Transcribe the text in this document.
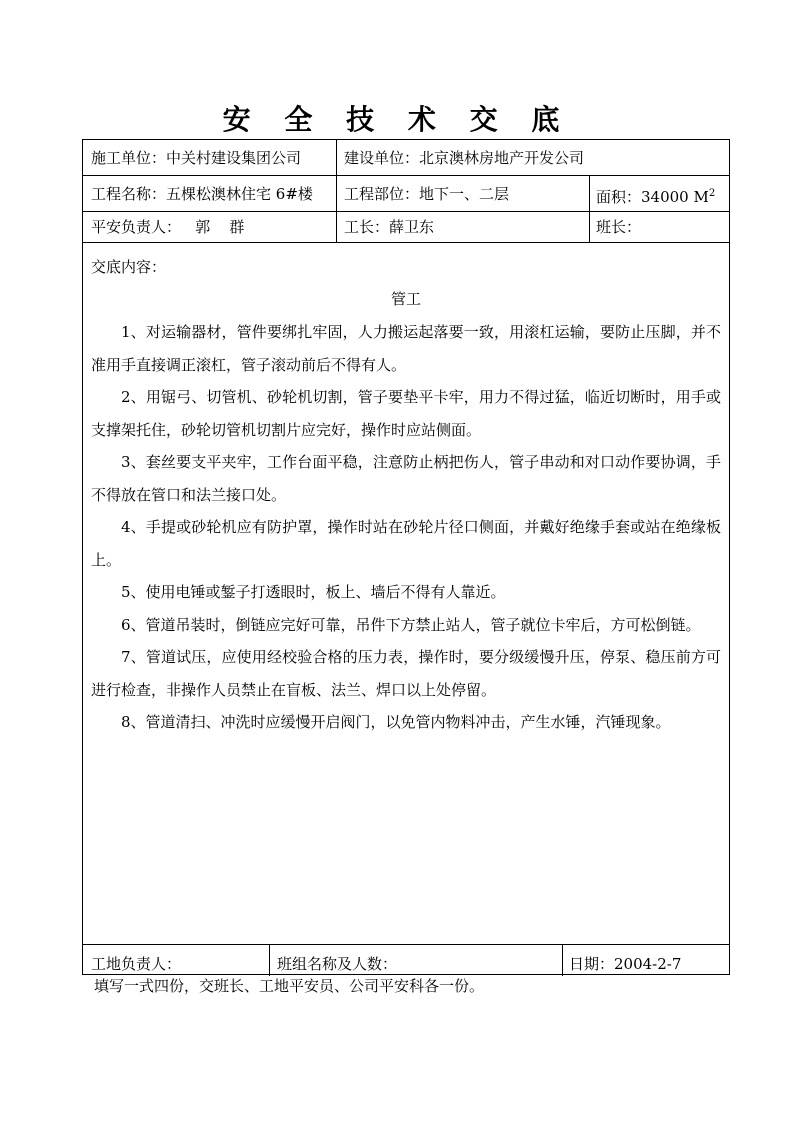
安 全 技 术 交 底
施工单位：中关村建设集团公司	建设单位：北京澳林房地产开发公司
工程名称：五棵松澳林住宅 6#楼 工程部位：地下一、二层	面积：34000 $M^2$
平安负责人：   郭    群	工长：薛卫东	班长：
交底内容：
管工

1、对运输器材，管件要绑扎牢固，人力搬运起落要一致，用滚杠运输，要防止压脚，并不准用手直接调正滚杠，管子滚动前后不得有人。

2、用锯弓、切管机、砂轮机切割，管子要垫平卡牢，用力不得过猛，临近切断时，用手或支撑架托住，砂轮切管机切割片应完好，操作时应站侧面。

3、套丝要支平夹牢，工作台面平稳，注意防止柄把伤人，管子串动和对口动作要协调，手不得放在管口和法兰接口处。

4、手提或砂轮机应有防护罩，操作时站在砂轮片径口侧面，并戴好绝缘手套或站在绝缘板上。

5、使用电锤或錾子打透眼时，板上、墙后不得有人靠近。

6、管道吊装时，倒链应完好可靠，吊件下方禁止站人，管子就位卡牢后，方可松倒链。

7、管道试压，应使用经校验合格的压力表，操作时，要分级缓慢升压，停泵、稳压前方可进行检查，非操作人员禁止在盲板、法兰、焊口以上处停留。

8、管道清扫、冲洗时应缓慢开启阀门，以免管内物料冲击，产生水锤，汽锤现象。

工地负责人：	班组名称及人数：	日期：2004-2-7
填写一式四份，交班长、工地平安员、公司平安科各一份。
